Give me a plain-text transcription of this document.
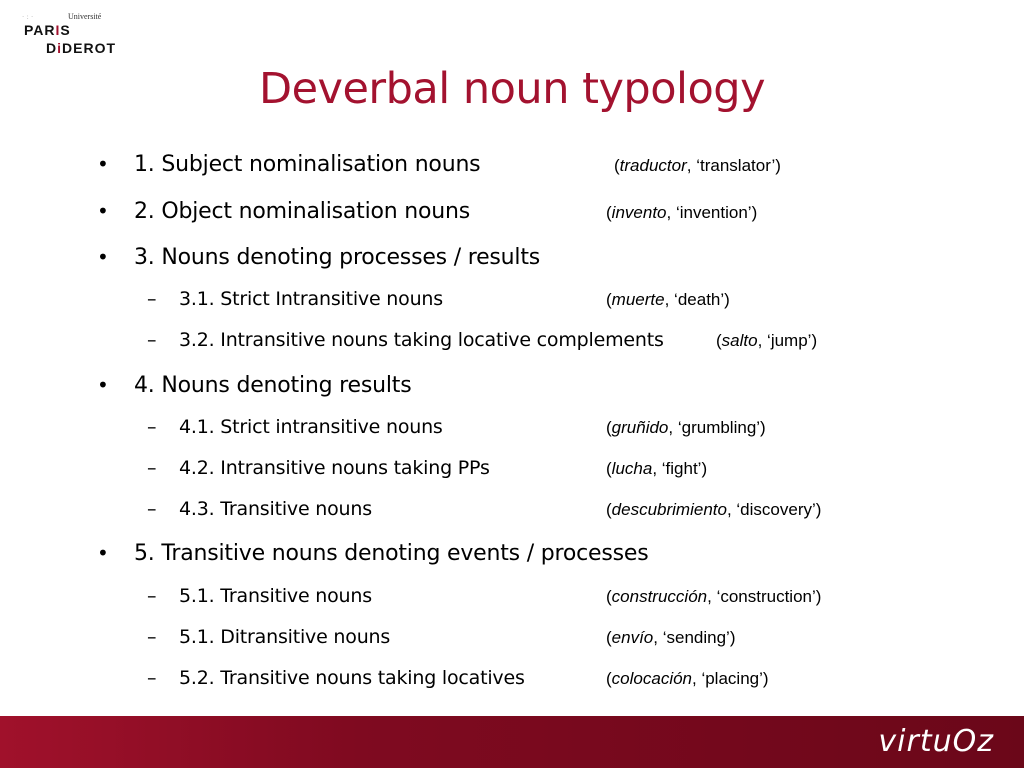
Université
· : ·
PARIS
DiDEROT
Deverbal noun typology
• 1. Subject nominalisation nouns	(traductor, ‘translator’)
• 2. Object nominalisation nouns	(invento, ‘invention’)
• 3. Nouns denoting processes / results
– 3.1. Strict Intransitive nouns	(muerte, ‘death’)
– 3.2. Intransitive nouns taking locative complements	(salto, ‘jump’)
• 4. Nouns denoting results
– 4.1. Strict intransitive nouns	(gruñido, ‘grumbling’)
– 4.2. Intransitive nouns taking PPs	(lucha, ‘fight’)
– 4.3. Transitive nouns	(descubrimiento, ‘discovery’)
• 5. Transitive nouns denoting events / processes
– 5.1. Transitive nouns	(construcción, ‘construction’)
– 5.1. Ditransitive nouns	(envío, ‘sending’)
– 5.2. Transitive nouns taking locatives	(colocación, ‘placing’)
virtuOz
